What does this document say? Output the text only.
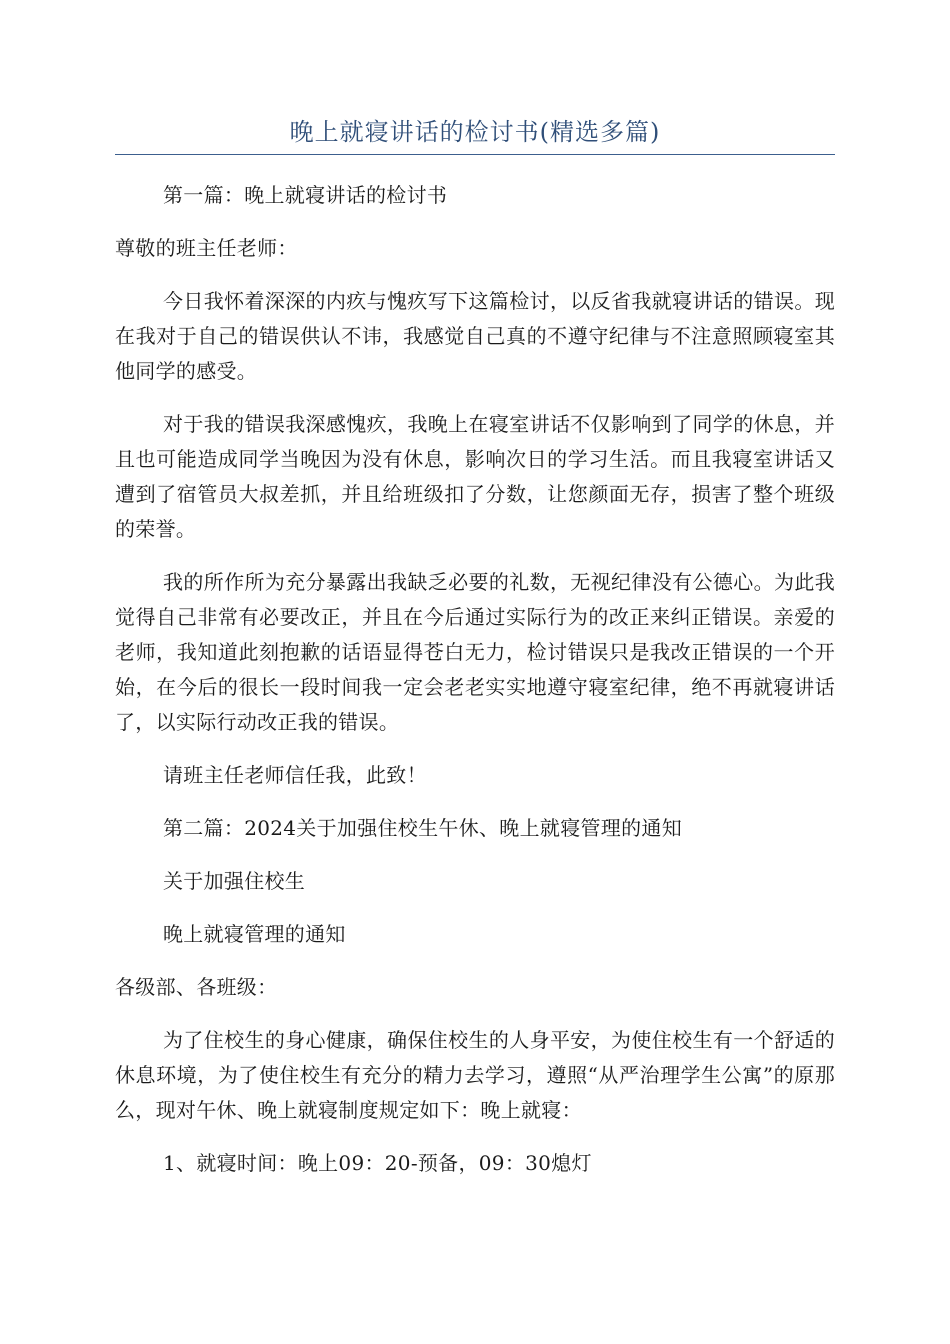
晚上就寝讲话的检讨书(精选多篇)

第一篇：晚上就寝讲话的检讨书

尊敬的班主任老师：

今日我怀着深深的内疚与愧疚写下这篇检讨，以反省我就寝讲话的错误。现在我对于自己的错误供认不讳，我感觉自己真的不遵守纪律与不注意照顾寝室其他同学的感受。

对于我的错误我深感愧疚，我晚上在寝室讲话不仅影响到了同学的休息，并且也可能造成同学当晚因为没有休息，影响次日的学习生活。而且我寝室讲话又遭到了宿管员大叔差抓，并且给班级扣了分数，让您颜面无存，损害了整个班级的荣誉。

我的所作所为充分暴露出我缺乏必要的礼数，无视纪律没有公德心。为此我觉得自己非常有必要改正，并且在今后通过实际行为的改正来纠正错误。亲爱的老师，我知道此刻抱歉的话语显得苍白无力，检讨错误只是我改正错误的一个开始，在今后的很长一段时间我一定会老老实实地遵守寝室纪律，绝不再就寝讲话了，以实际行动改正我的错误。

请班主任老师信任我，此致！

第二篇：2024关于加强住校生午休、晚上就寝管理的通知

关于加强住校生

晚上就寝管理的通知

各级部、各班级：

为了住校生的身心健康，确保住校生的人身平安，为使住校生有一个舒适的休息环境，为了使住校生有充分的精力去学习，遵照“从严治理学生公寓”的原那么，现对午休、晚上就寝制度规定如下：晚上就寝：

1、就寝时间：晚上09：20-预备，09：30熄灯
